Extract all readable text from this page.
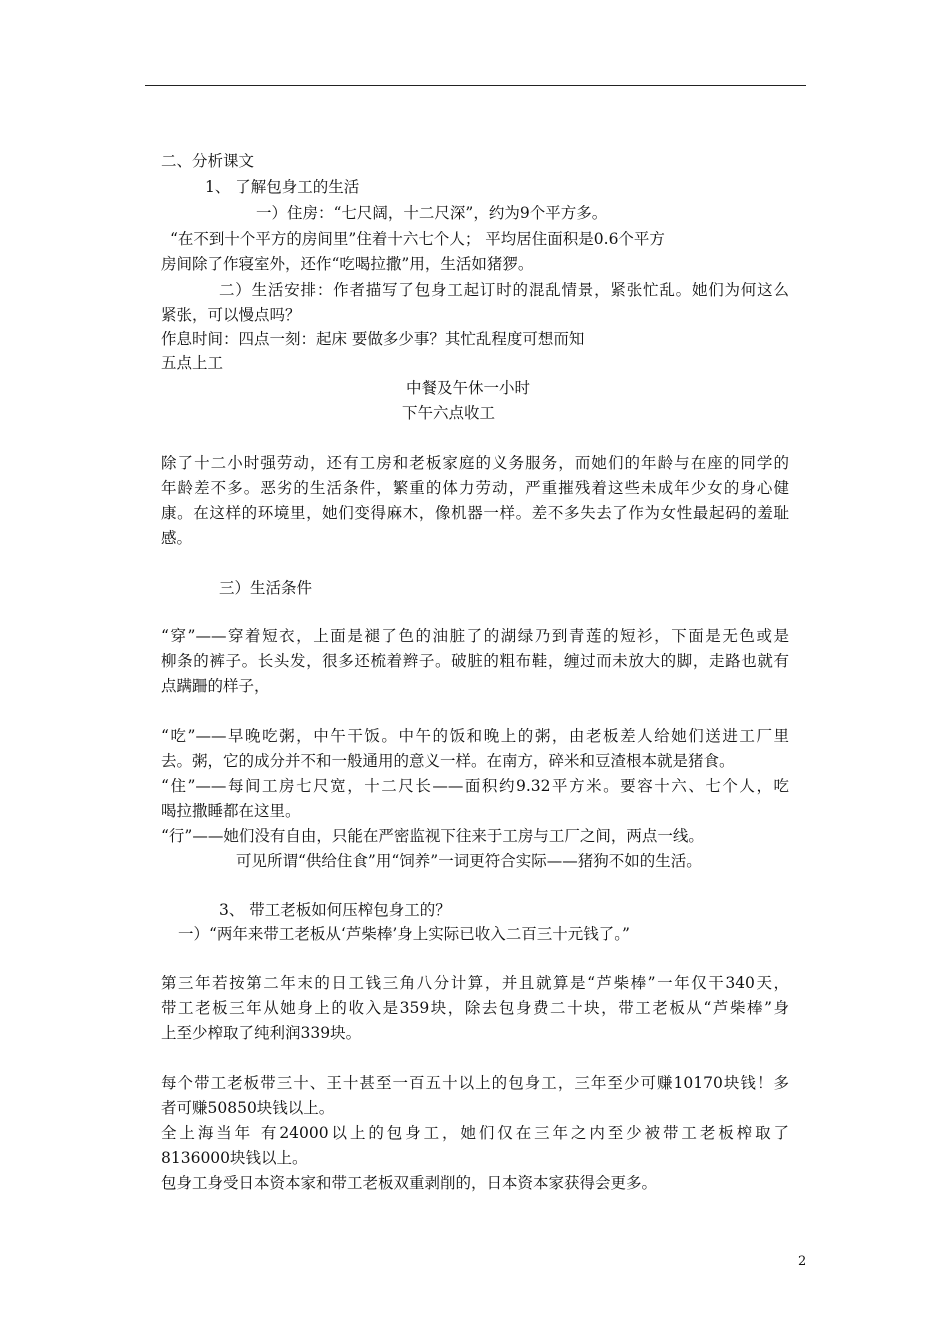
二、分析课文
1、 了解包身工的生活
一）住房：“七尺阔，十二尺深”，约为9个平方多。
“在不到十个平方的房间里”住着十六七个人； 平均居住面积是0.6个平方
房间除了作寝室外，还作“吃喝拉撒”用，生活如猪猡。
二）生活安排：作者描写了包身工起订时的混乱情景，紧张忙乱。她们为何这么
紧张，可以慢点吗？
作息时间：四点一刻：起床 要做多少事？其忙乱程度可想而知
五点上工
中餐及午休一小时
下午六点收工
除了十二小时强劳动，还有工房和老板家庭的义务服务，而她们的年龄与在座的同学的
年龄差不多。恶劣的生活条件，繁重的体力劳动，严重摧残着这些未成年少女的身心健
康。在这样的环境里，她们变得麻木，像机器一样。差不多失去了作为女性最起码的羞耻
感。
三）生活条件
“穿”——穿着短衣，上面是褪了色的油脏了的湖绿乃到青莲的短衫，下面是无色或是
柳条的裤子。长头发，很多还梳着辫子。破脏的粗布鞋，缠过而未放大的脚，走路也就有
点蹒跚的样子，
“吃”——早晚吃粥，中午干饭。中午的饭和晚上的粥，由老板差人给她们送进工厂里
去。粥，它的成分并不和一般通用的意义一样。在南方，碎米和豆渣根本就是猪食。
“住”——每间工房七尺宽，十二尺长——面积约9.32平方米。要容十六、七个人，吃
喝拉撒睡都在这里。
“行”——她们没有自由，只能在严密监视下往来于工房与工厂之间，两点一线。
可见所谓“供给住食”用“饲养”一词更符合实际——猪狗不如的生活。
3、 带工老板如何压榨包身工的？
一）“两年来带工老板从‘芦柴棒’身上实际已收入二百三十元钱了。”
第三年若按第二年末的日工钱三角八分计算，并且就算是“芦柴棒”一年仅干340天，
带工老板三年从她身上的收入是359块，除去包身费二十块，带工老板从“芦柴棒”身
上至少榨取了纯利润339块。
每个带工老板带三十、王十甚至一百五十以上的包身工，三年至少可赚10170块钱！多
者可赚50850块钱以上。
全上海当年 有24000以上的包身工，她们仅在三年之内至少被带工老板榨取了
8136000块钱以上。
包身工身受日本资本家和带工老板双重剥削的，日本资本家获得会更多。
2
